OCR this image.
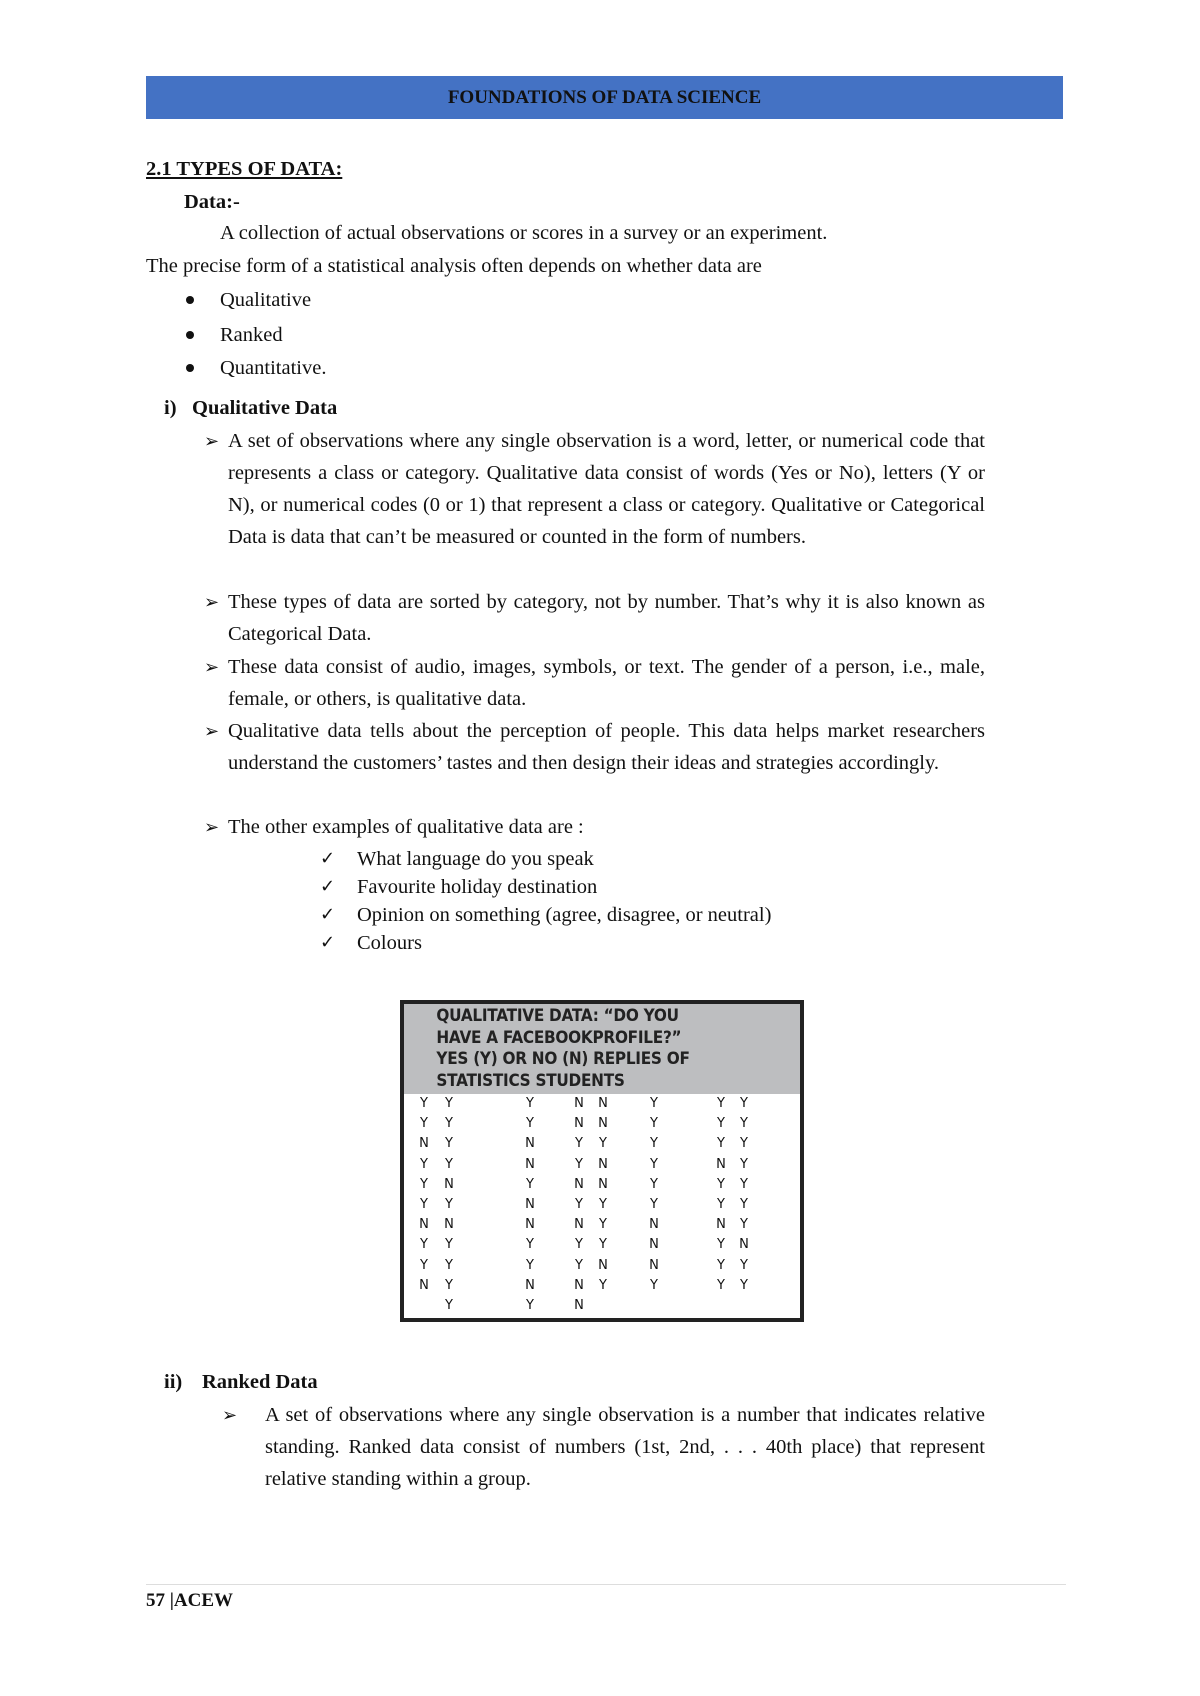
FOUNDATIONS OF DATA SCIENCE
2.1 TYPES OF DATA:
Data:-
A collection of actual observations or scores in a survey or an experiment.
The precise form of a statistical analysis often depends on whether data are
Qualitative
Ranked
Quantitative.
i) Qualitative Data
➢ A set of observations where any single observation is a word, letter, or numerical code that represents a class or category. Qualitative data consist of words (Yes or No), letters (Y or N), or numerical codes (0 or 1) that represent a class or category. Qualitative or Categorical Data is data that can’t be measured or counted in the form of numbers.
➢ These types of data are sorted by category, not by number. That’s why it is also known as Categorical Data.
➢ These data consist of audio, images, symbols, or text. The gender of a person, i.e., male, female, or others, is qualitative data.
➢ Qualitative data tells about the perception of people. This data helps market researchers understand the customers’ tastes and then design their ideas and strategies accordingly.
➢ The other examples of qualitative data are :
✓ What language do you speak
✓ Favourite holiday destination
✓ Opinion on something (agree, disagree, or neutral)
✓ Colours
QUALITATIVE DATA: “DO YOU
HAVE A FACEBOOKPROFILE?”
YES (Y) OR NO (N) REPLIES OF
STATISTICS STUDENTS
Y
Y
N
Y
Y
Y
N
Y
Y
N
Y
Y
Y
Y
N
Y
N
Y
Y
Y
Y
Y
Y
N
N
Y
N
N
Y
Y
N
Y
N
N
Y
Y
N
Y
N
Y
Y
N
N
N
N
Y
N
N
Y
Y
Y
N
Y
Y
Y
Y
Y
Y
Y
N
N
N
Y
Y
Y
Y
N
Y
Y
N
Y
Y
Y
Y
Y
Y
Y
Y
Y
Y
N
Y
Y
ii) Ranked Data
➢ A set of observations where any single observation is a number that indicates relative standing. Ranked data consist of numbers (1st, 2nd, . . . 40th place) that represent relative standing within a group.
57 |ACEW
